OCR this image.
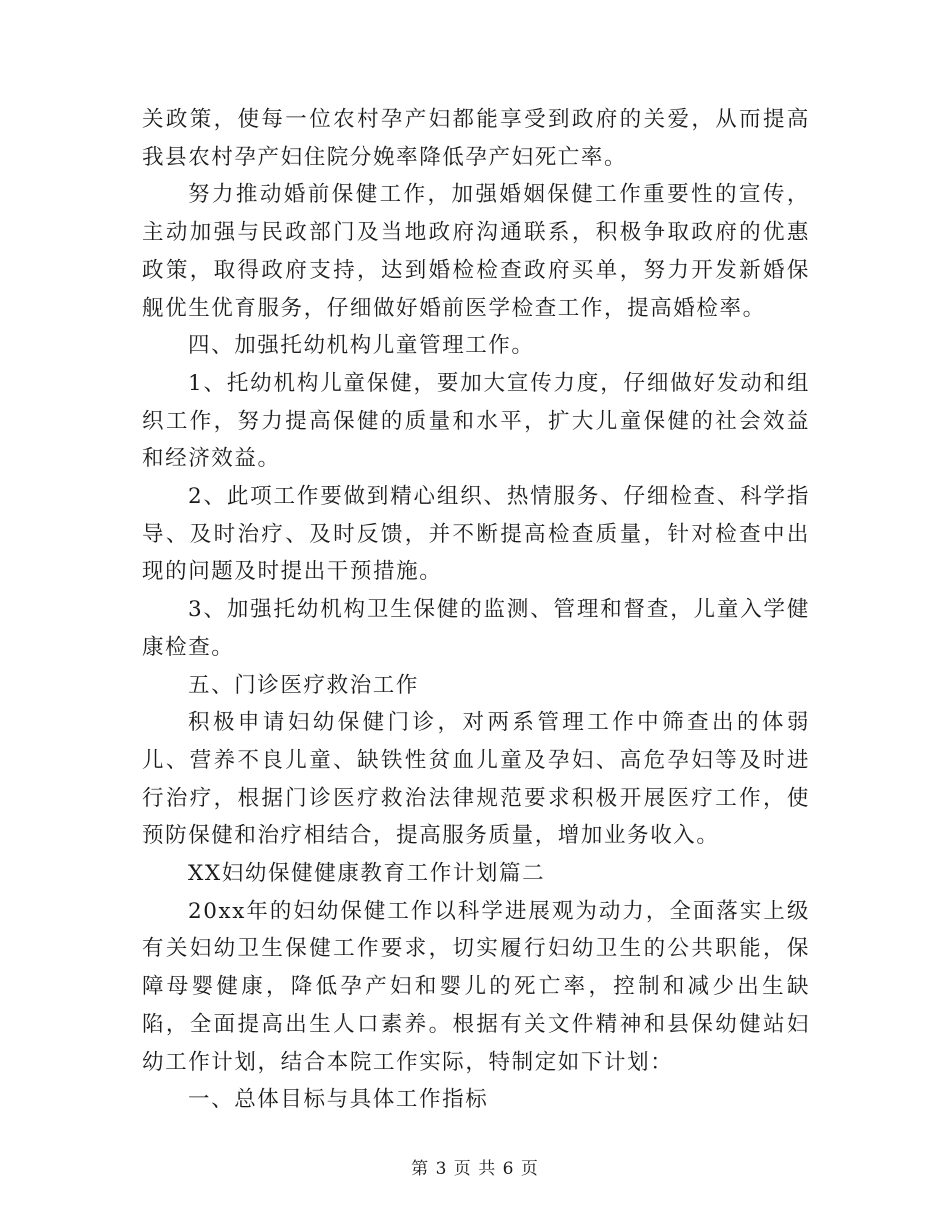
关政策，使每一位农村孕产妇都能享受到政府的关爱，从而提高我县农村孕产妇住院分娩率降低孕产妇死亡率。

努力推动婚前保健工作，加强婚姻保健工作重要性的宣传，主动加强与民政部门及当地政府沟通联系，积极争取政府的优惠政策，取得政府支持，达到婚检检查政府买单，努力开发新婚保舰优生优育服务，仔细做好婚前医学检查工作，提高婚检率。

四、加强托幼机构儿童管理工作。

1、托幼机构儿童保健，要加大宣传力度，仔细做好发动和组织工作，努力提高保健的质量和水平，扩大儿童保健的社会效益和经济效益。

2、此项工作要做到精心组织、热情服务、仔细检查、科学指导、及时治疗、及时反馈，并不断提高检查质量，针对检查中出现的问题及时提出干预措施。

3、加强托幼机构卫生保健的监测、管理和督查，儿童入学健康检查。

五、门诊医疗救治工作

积极申请妇幼保健门诊，对两系管理工作中筛查出的体弱儿、营养不良儿童、缺铁性贫血儿童及孕妇、高危孕妇等及时进行治疗，根据门诊医疗救治法律规范要求积极开展医疗工作，使预防保健和治疗相结合，提高服务质量，增加业务收入。

XX妇幼保健健康教育工作计划篇二

20xx年的妇幼保健工作以科学进展观为动力，全面落实上级有关妇幼卫生保健工作要求，切实履行妇幼卫生的公共职能，保障母婴健康，降低孕产妇和婴儿的死亡率，控制和减少出生缺陷，全面提高出生人口素养。根据有关文件精神和县保幼健站妇幼工作计划，结合本院工作实际，特制定如下计划：

一、总体目标与具体工作指标

第 3 页 共 6 页
